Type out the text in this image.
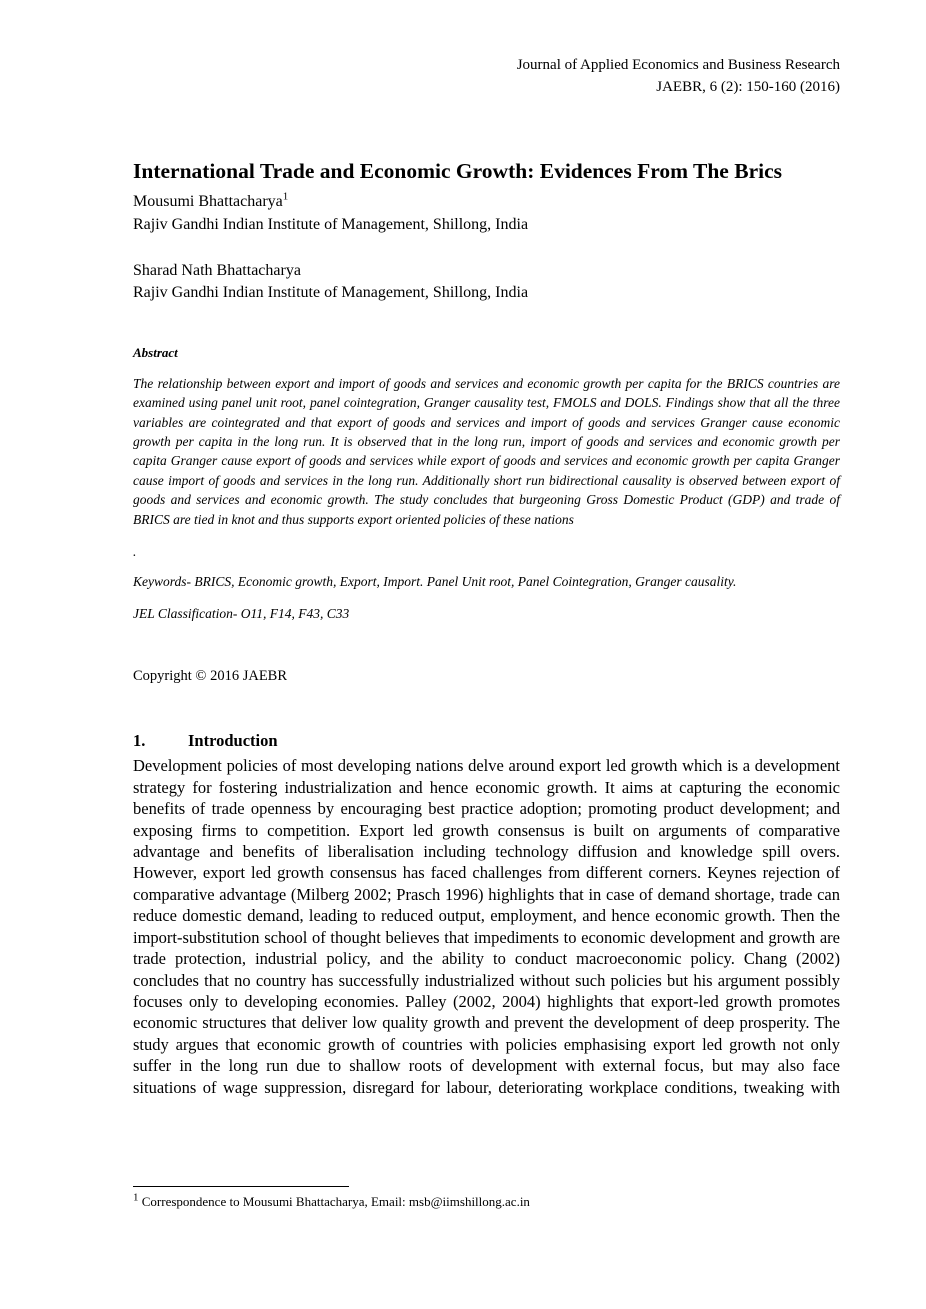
Journal of Applied Economics and Business Research
JAEBR, 6 (2): 150-160 (2016)
International Trade and Economic Growth: Evidences From The Brics
Mousumi Bhattacharya$^1$
Rajiv Gandhi Indian Institute of Management, Shillong, India
Sharad Nath Bhattacharya
Rajiv Gandhi Indian Institute of Management, Shillong, India
Abstract

The relationship between export and import of goods and services and economic growth per capita for the BRICS countries are examined using panel unit root, panel cointegration, Granger causality test, FMOLS and DOLS. Findings show that all the three variables are cointegrated and that export of goods and services and import of goods and services Granger cause economic growth per capita in the long run. It is observed that in the long run, import of goods and services and economic growth per capita Granger cause export of goods and services while export of goods and services and economic growth per capita Granger cause import of goods and services in the long run. Additionally short run bidirectional causality is observed between export of goods and services and economic growth. The study concludes that burgeoning Gross Domestic Product (GDP) and trade of BRICS are tied in knot and thus supports export oriented policies of these nations

.
Keywords- BRICS, Economic growth, Export, Import. Panel Unit root, Panel Cointegration, Granger causality.
JEL Classification- O11, F14, F43, C33
Copyright © 2016 JAEBR
1.	Introduction

Development policies of most developing nations delve around export led growth which is a development strategy for fostering industrialization and hence economic growth. It aims at capturing the economic benefits of trade openness by encouraging best practice adoption; promoting product development; and exposing firms to competition. Export led growth consensus is built on arguments of comparative advantage and benefits of liberalisation including technology diffusion and knowledge spill overs. However, export led growth consensus has faced challenges from different corners. Keynes rejection of comparative advantage (Milberg 2002; Prasch 1996) highlights that in case of demand shortage, trade can reduce domestic demand, leading to reduced output, employment, and hence economic growth. Then the import-substitution school of thought believes that impediments to economic development and growth are trade protection, industrial policy, and the ability to conduct macroeconomic policy. Chang (2002) concludes that no country has successfully industrialized without such policies but his argument possibly focuses only to developing economies. Palley (2002, 2004) highlights that export-led growth promotes economic structures that deliver low quality growth and prevent the development of deep prosperity. The study argues that economic growth of countries with policies emphasising export led growth not only suffer in the long run due to shallow roots of development with external focus, but may also face situations of wage suppression, disregard for labour, deteriorating workplace conditions, tweaking with

$^1$ Correspondence to Mousumi Bhattacharya, Email: msb@iimshillong.ac.in
